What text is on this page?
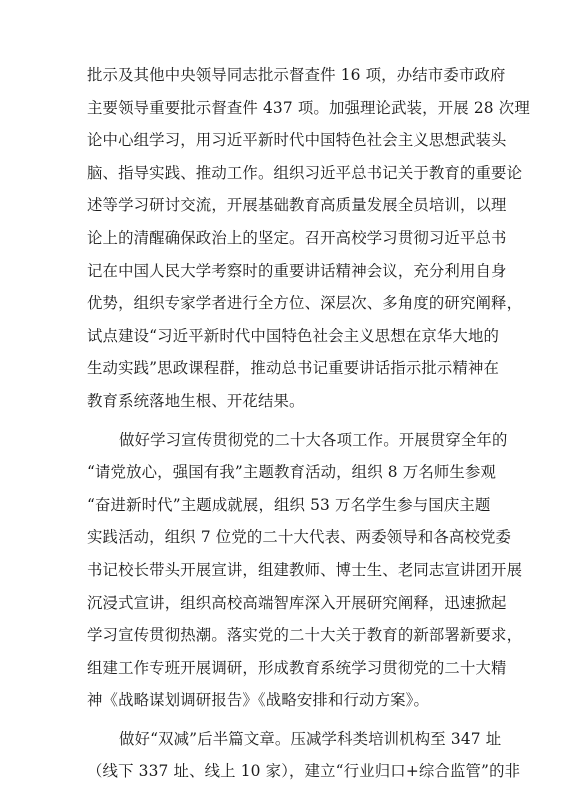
批示及其他中央领导同志批示督查件 16 项，办结市委市政府
主要领导重要批示督查件 437 项。加强理论武装，开展 28 次理
论中心组学习，用习近平新时代中国特色社会主义思想武装头
脑、指导实践、推动工作。组织习近平总书记关于教育的重要论
述等学习研讨交流，开展基础教育高质量发展全员培训，以理
论上的清醒确保政治上的坚定。召开高校学习贯彻习近平总书
记在中国人民大学考察时的重要讲话精神会议，充分利用自身
优势，组织专家学者进行全方位、深层次、多角度的研究阐释，
试点建设“习近平新时代中国特色社会主义思想在京华大地的
生动实践”思政课程群，推动总书记重要讲话指示批示精神在
教育系统落地生根、开花结果。
做好学习宣传贯彻党的二十大各项工作。开展贯穿全年的
“请党放心，强国有我”主题教育活动，组织 8 万名师生参观
“奋进新时代”主题成就展，组织 53 万名学生参与国庆主题
实践活动，组织 7 位党的二十大代表、两委领导和各高校党委
书记校长带头开展宣讲，组建教师、博士生、老同志宣讲团开展
沉浸式宣讲，组织高校高端智库深入开展研究阐释，迅速掀起
学习宣传贯彻热潮。落实党的二十大关于教育的新部署新要求，
组建工作专班开展调研，形成教育系统学习贯彻党的二十大精
神《战略谋划调研报告》《战略安排和行动方案》。
做好“双减”后半篇文章。压减学科类培训机构至 347 址
（线下 337 址、线上 10 家），建立“行业归口+综合监管”的非
